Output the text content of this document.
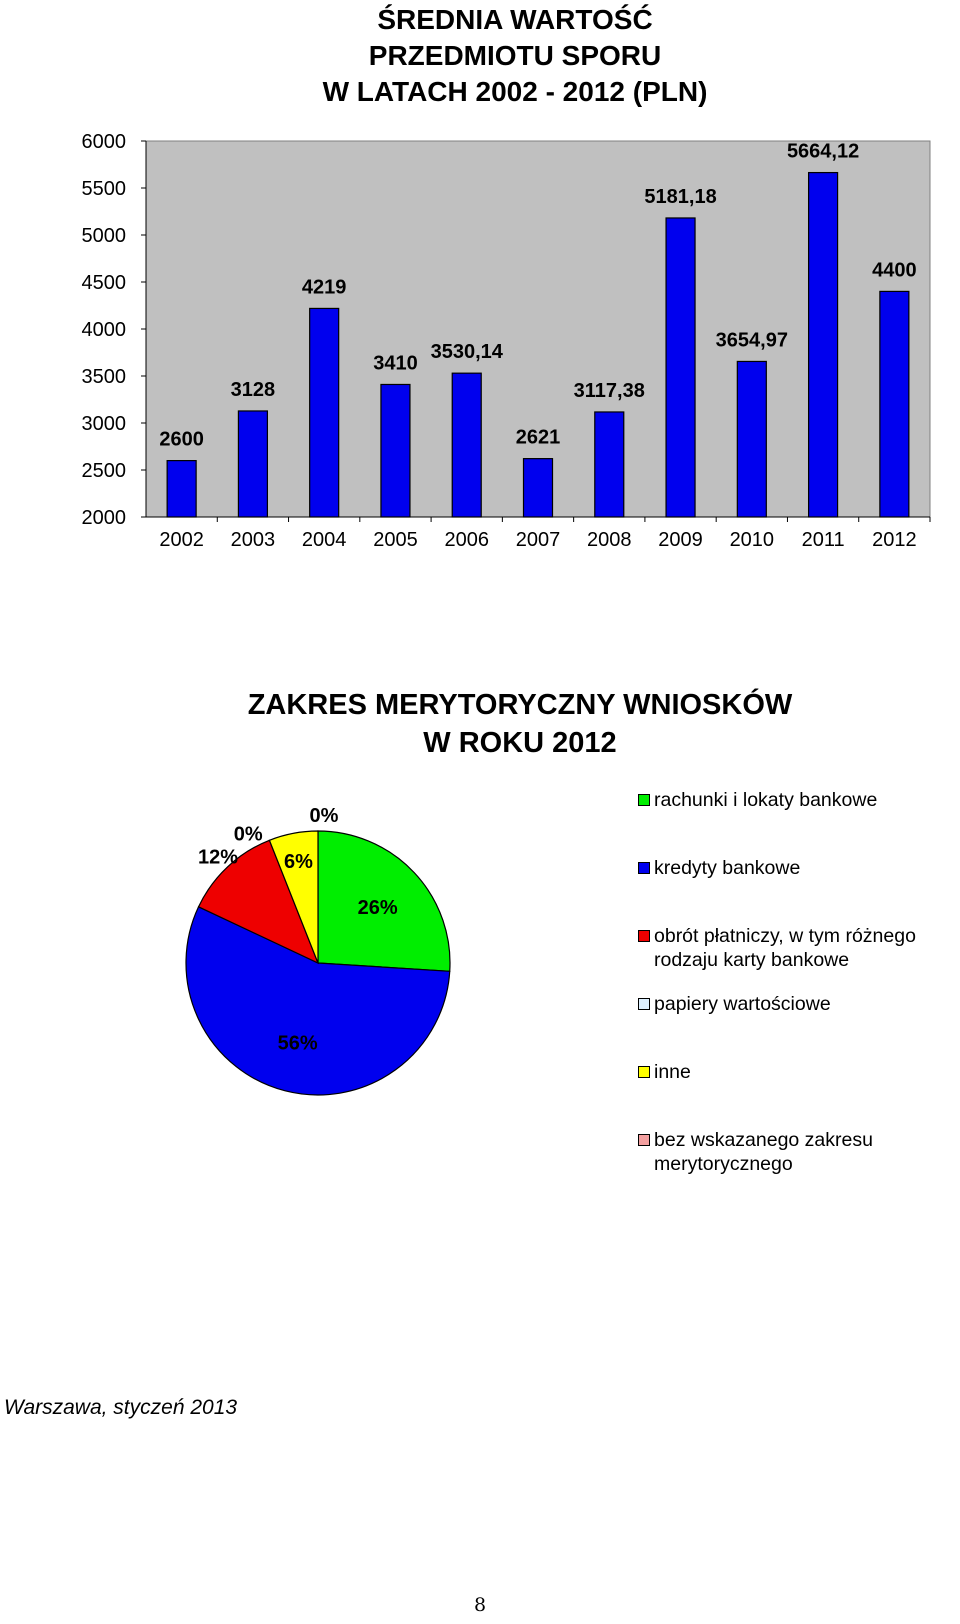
ŚREDNIA WARTOŚĆ
PRZEDMIOTU SPORU
W LATACH 2002 - 2012 (PLN)
2000
2500
3000
3500
4000
4500
5000
5500
6000
2002
2600
2003
3128
2004
4219
2005
3410
2006
3530,14
2007
2621
2008
3117,38
2009
5181,18
2010
3654,97
2011
5664,12
2012
4400
ZAKRES MERYTORYCZNY WNIOSKÓW
W ROKU 2012
26%
56%
12%
0%
6%
0%
rachunki i lokaty bankowe
kredyty bankowe
obrót płatniczy, w tym różnego
rodzaju karty bankowe
papiery wartościowe
inne
bez wskazanego zakresu
merytorycznego
Warszawa, styczeń 2013
8
